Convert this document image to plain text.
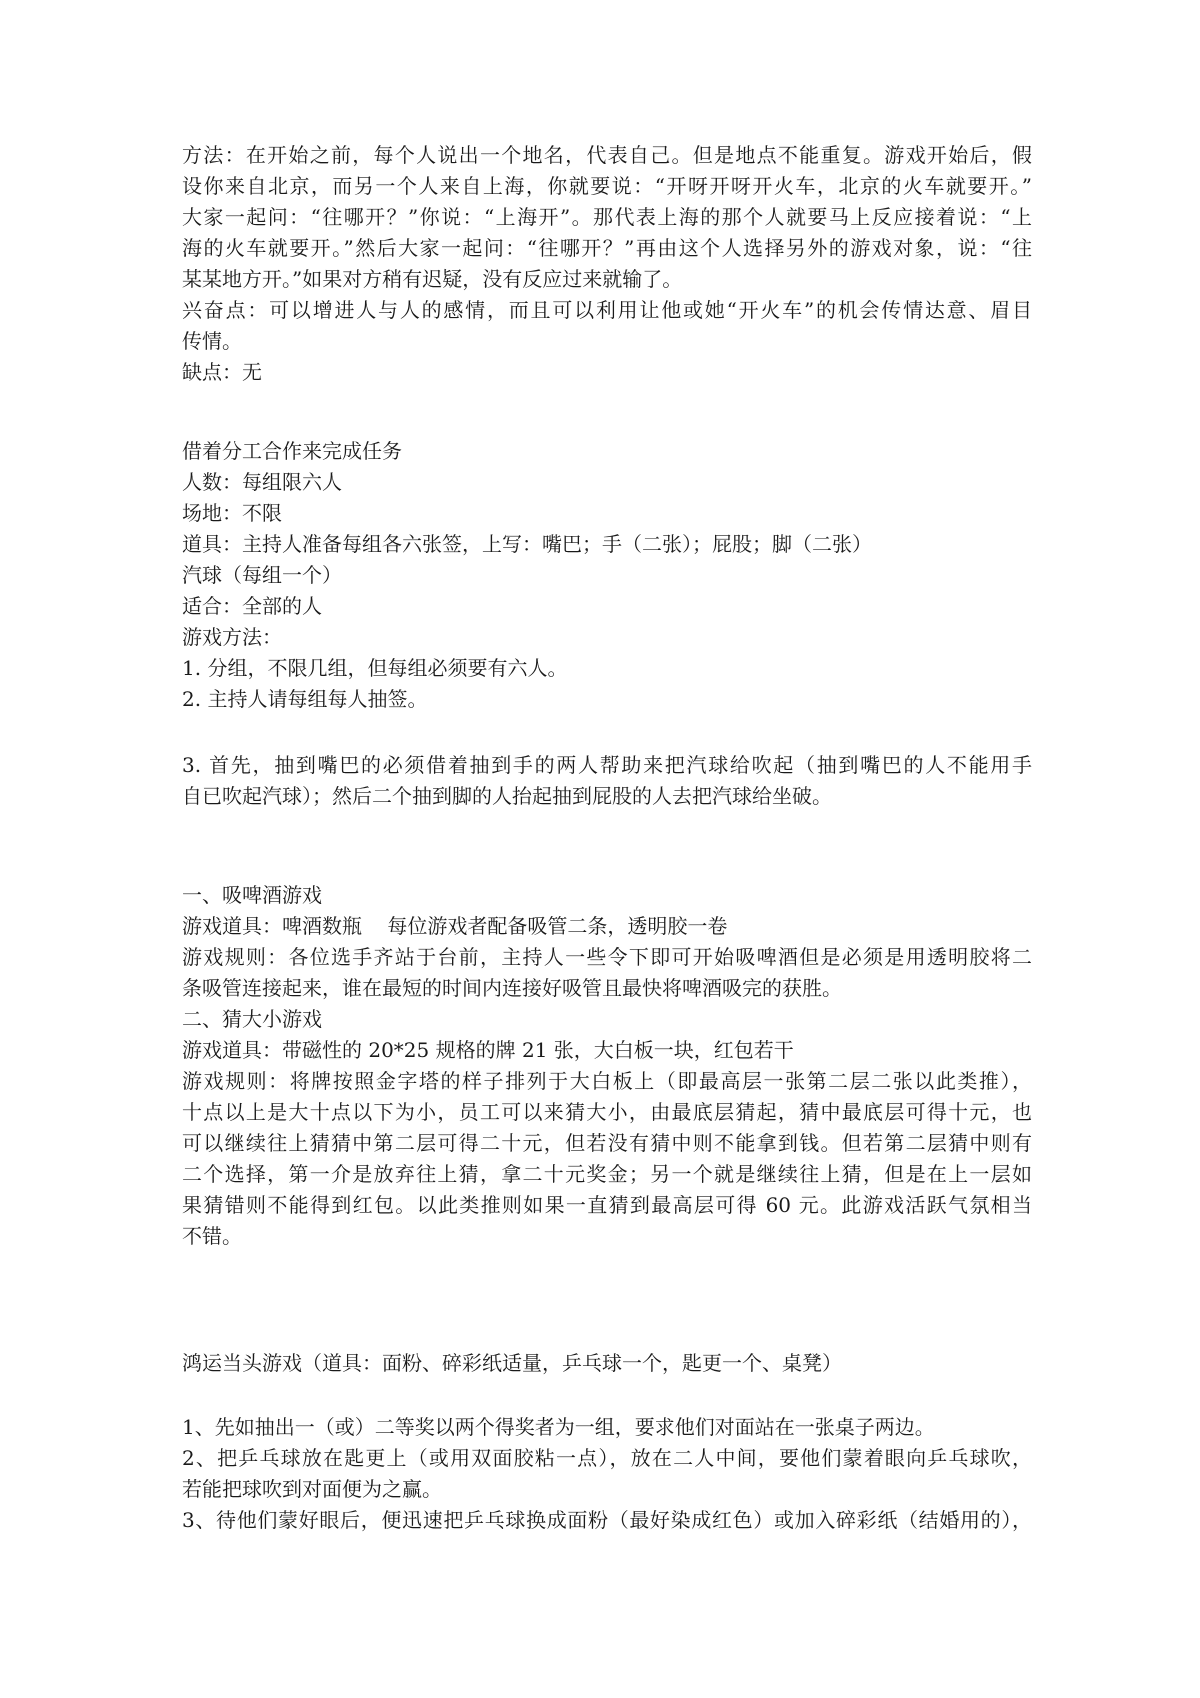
方法：在开始之前，每个人说出一个地名，代表自己。但是地点不能重复。游戏开始后，假
设你来自北京，而另一个人来自上海，你就要说：“开呀开呀开火车，北京的火车就要开。”
大家一起问：“往哪开？”你说：“上海开”。那代表上海的那个人就要马上反应接着说：“上
海的火车就要开。”然后大家一起问：“往哪开？”再由这个人选择另外的游戏对象，说：“往
某某地方开。”如果对方稍有迟疑，没有反应过来就输了。
兴奋点：可以增进人与人的感情，而且可以利用让他或她“开火车”的机会传情达意、眉目
传情。
缺点：无
借着分工合作来完成任务
人数：每组限六人
场地：不限
道具：主持人准备每组各六张签，上写：嘴巴；手（二张）；屁股；脚（二张）
汽球（每组一个）
适合：全部的人
游戏方法：
1. 分组，不限几组，但每组必须要有六人。
2. 主持人请每组每人抽签。
3. 首先，抽到嘴巴的必须借着抽到手的两人帮助来把汽球给吹起（抽到嘴巴的人不能用手
自已吹起汽球）；然后二个抽到脚的人抬起抽到屁股的人去把汽球给坐破。
一、吸啤酒游戏
游戏道具：啤酒数瓶    每位游戏者配备吸管二条，透明胶一卷
游戏规则：各位选手齐站于台前，主持人一些令下即可开始吸啤酒但是必须是用透明胶将二
条吸管连接起来，谁在最短的时间内连接好吸管且最快将啤酒吸完的获胜。
二、猜大小游戏
游戏道具：带磁性的 20*25 规格的牌 21 张，大白板一块，红包若干
游戏规则：将牌按照金字塔的样子排列于大白板上（即最高层一张第二层二张以此类推），
十点以上是大十点以下为小，员工可以来猜大小，由最底层猜起，猜中最底层可得十元，也
可以继续往上猜猜中第二层可得二十元，但若没有猜中则不能拿到钱。但若第二层猜中则有
二个选择，第一介是放弃往上猜，拿二十元奖金；另一个就是继续往上猜，但是在上一层如
果猜错则不能得到红包。以此类推则如果一直猜到最高层可得 60 元。此游戏活跃气氛相当
不错。
鸿运当头游戏（道具：面粉、碎彩纸适量，乒乓球一个，匙更一个、桌凳）
1、先如抽出一（或）二等奖以两个得奖者为一组，要求他们对面站在一张桌子两边。
2、把乒乓球放在匙更上（或用双面胶粘一点），放在二人中间，要他们蒙着眼向乒乓球吹，
若能把球吹到对面便为之赢。
3、待他们蒙好眼后，便迅速把乒乓球换成面粉（最好染成红色）或加入碎彩纸（结婚用的），
